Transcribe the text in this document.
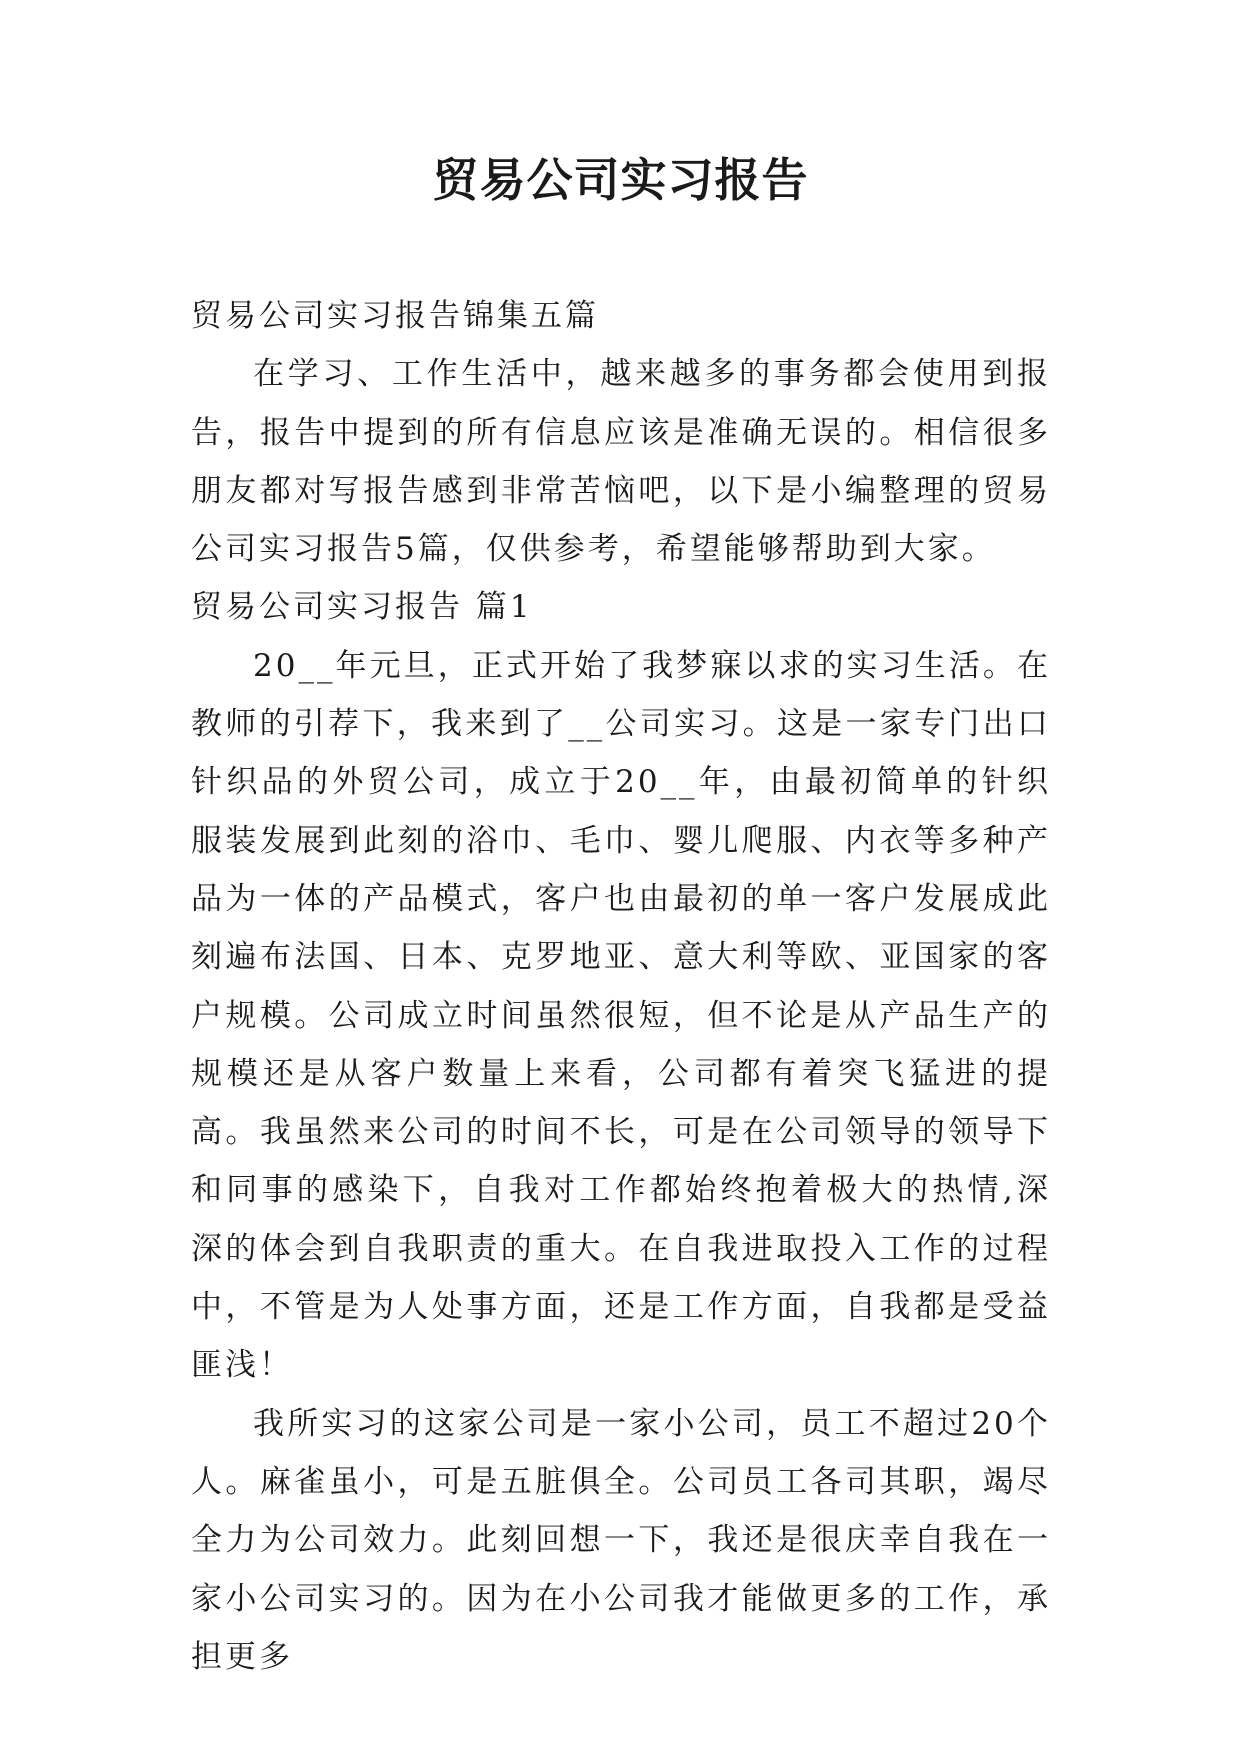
贸易公司实习报告

贸易公司实习报告锦集五篇

在学习、工作生活中，越来越多的事务都会使用到报告，报告中提到的所有信息应该是准确无误的。相信很多朋友都对写报告感到非常苦恼吧，以下是小编整理的贸易公司实习报告5篇，仅供参考，希望能够帮助到大家。

贸易公司实习报告 篇1

20__年元旦，正式开始了我梦寐以求的实习生活。在教师的引荐下，我来到了__公司实习。这是一家专门出口针织品的外贸公司，成立于20__年，由最初简单的针织服装发展到此刻的浴巾、毛巾、婴儿爬服、内衣等多种产品为一体的产品模式，客户也由最初的单一客户发展成此刻遍布法国、日本、克罗地亚、意大利等欧、亚国家的客户规模。公司成立时间虽然很短，但不论是从产品生产的规模还是从客户数量上来看，公司都有着突飞猛进的提高。我虽然来公司的时间不长，可是在公司领导的领导下和同事的感染下，自我对工作都始终抱着极大的热情,深深的体会到自我职责的重大。在自我进取投入工作的过程中，不管是为人处事方面，还是工作方面，自我都是受益匪浅！

我所实习的这家公司是一家小公司，员工不超过20个人。麻雀虽小，可是五脏俱全。公司员工各司其职，竭尽全力为公司效力。此刻回想一下，我还是很庆幸自我在一家小公司实习的。因为在小公司我才能做更多的工作，承担更多
